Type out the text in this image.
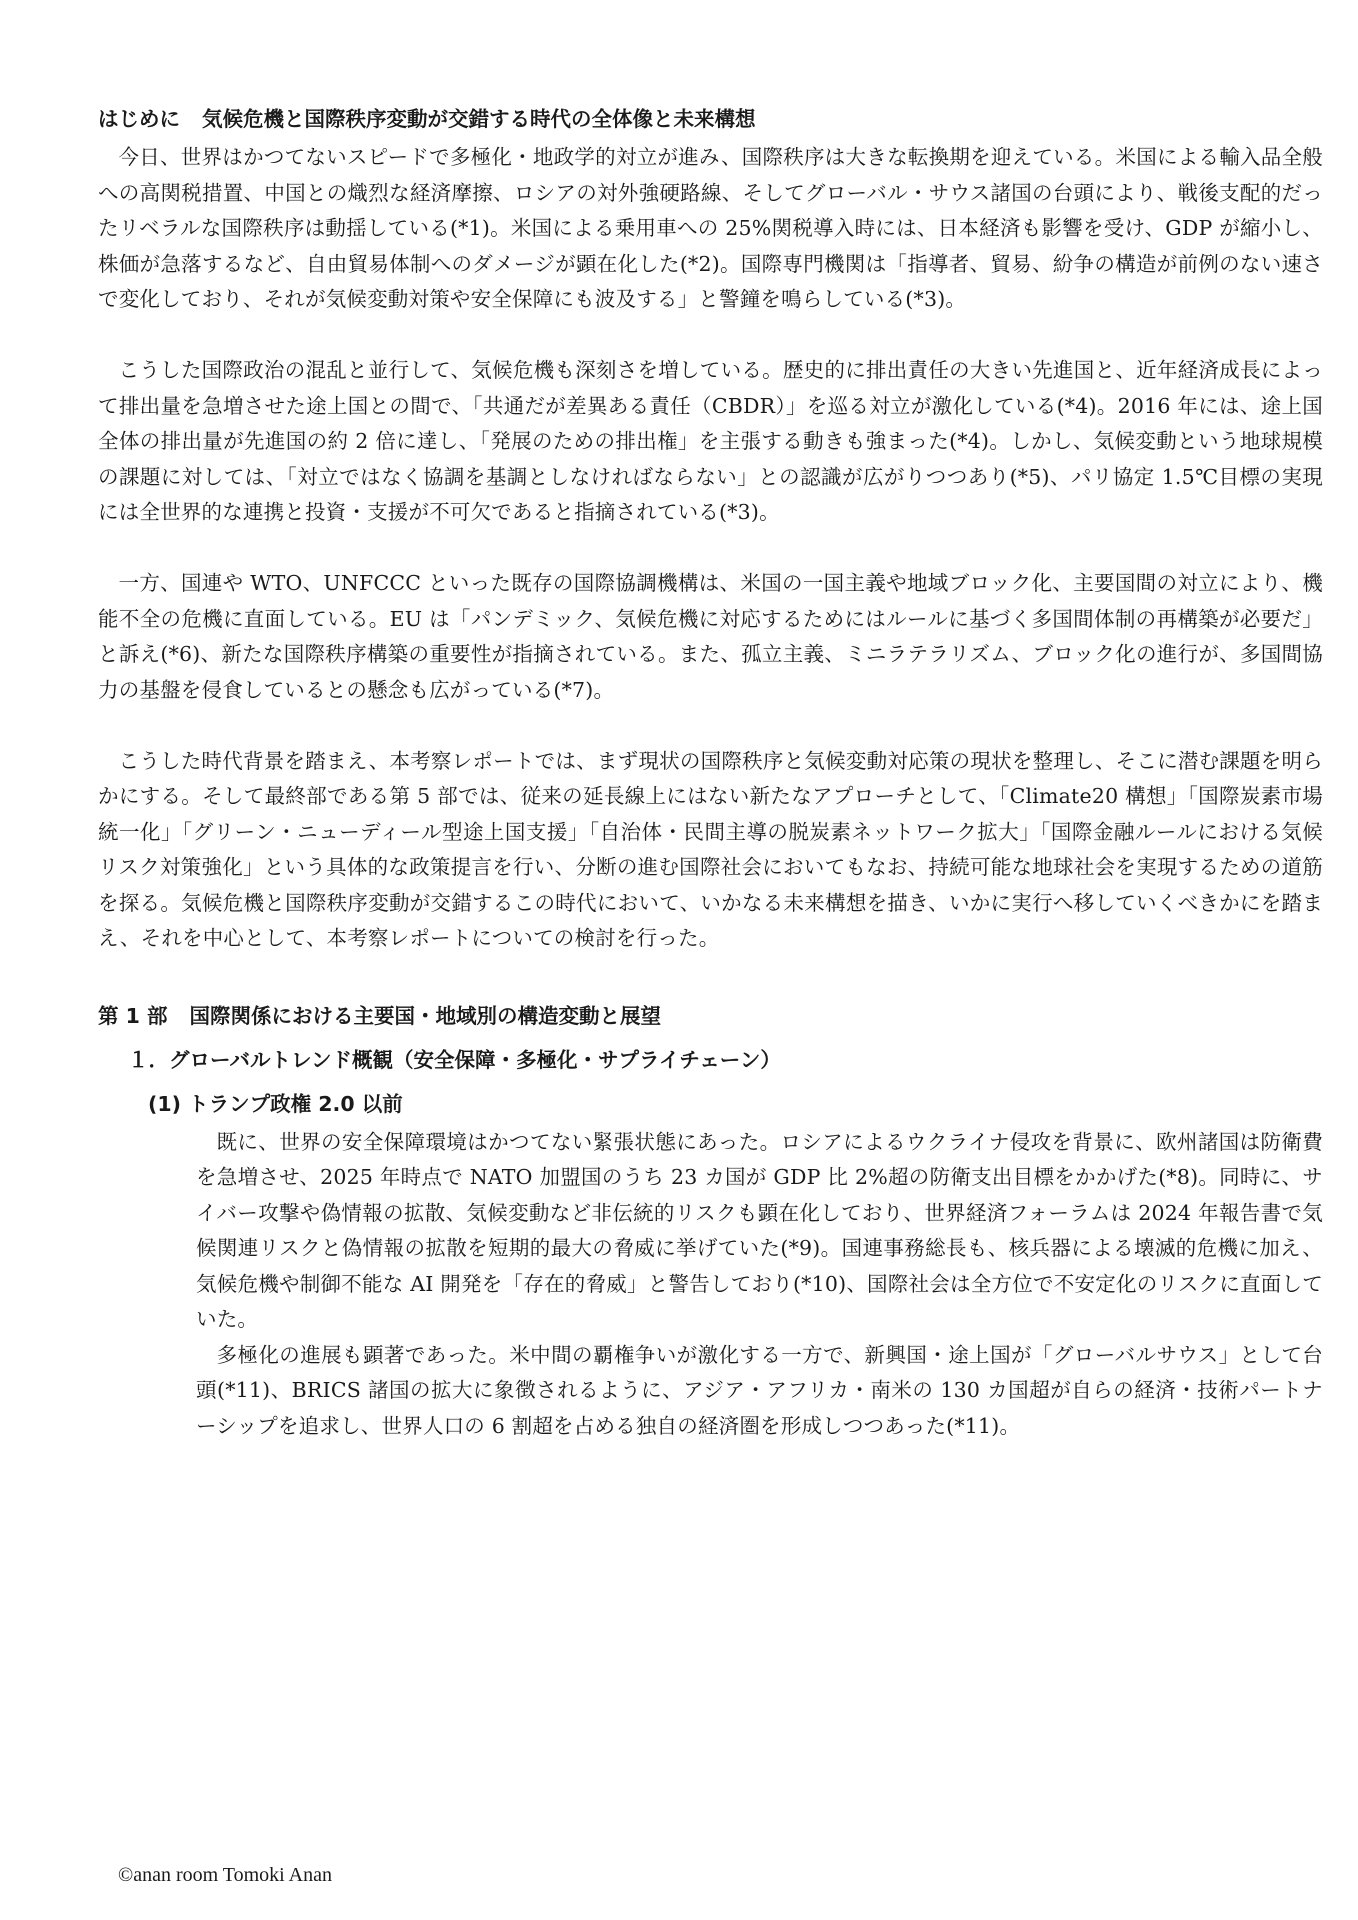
はじめに 気候危機と国際秩序変動が交錯する時代の全体像と未来構想

今日、世界はかつてないスピードで多極化・地政学的対立が進み、国際秩序は大きな転換期を迎えている。米国による輸入品全般への高関税措置、中国との熾烈な経済摩擦、ロシアの対外強硬路線、そしてグローバル・サウス諸国の台頭により、戦後支配的だったリベラルな国際秩序は動揺している(*1)。米国による乗用車への 25%関税導入時には、日本経済も影響を受け、GDP が縮小し、株価が急落するなど、自由貿易体制へのダメージが顕在化した(*2)。国際専門機関は「指導者、貿易、紛争の構造が前例のない速さで変化しており、それが気候変動対策や安全保障にも波及する」と警鐘を鳴らしている(*3)。

こうした国際政治の混乱と並行して、気候危機も深刻さを増している。歴史的に排出責任の大きい先進国と、近年経済成長によって排出量を急増させた途上国との間で、「共通だが差異ある責任（CBDR）」を巡る対立が激化している(*4)。2016 年には、途上国全体の排出量が先進国の約 2 倍に達し、「発展のための排出権」を主張する動きも強まった(*4)。しかし、気候変動という地球規模の課題に対しては、「対立ではなく協調を基調としなければならない」との認識が広がりつつあり(*5)、パリ協定 1.5℃目標の実現には全世界的な連携と投資・支援が不可欠であると指摘されている(*3)。

一方、国連や WTO、UNFCCC といった既存の国際協調機構は、米国の一国主義や地域ブロック化、主要国間の対立により、機能不全の危機に直面している。EU は「パンデミック、気候危機に対応するためにはルールに基づく多国間体制の再構築が必要だ」と訴え(*6)、新たな国際秩序構築の重要性が指摘されている。また、孤立主義、ミニラテラリズム、ブロック化の進行が、多国間協力の基盤を侵食しているとの懸念も広がっている(*7)。

こうした時代背景を踏まえ、本考察レポートでは、まず現状の国際秩序と気候変動対応策の現状を整理し、そこに潜む課題を明らかにする。そして最終部である第 5 部では、従来の延長線上にはない新たなアプローチとして、「Climate20 構想」「国際炭素市場統一化」「グリーン・ニューディール型途上国支援」「自治体・民間主導の脱炭素ネットワーク拡大」「国際金融ルールにおける気候リスク対策強化」という具体的な政策提言を行い、分断の進む国際社会においてもなお、持続可能な地球社会を実現するための道筋を探る。気候危機と国際秩序変動が交錯するこの時代において、いかなる未来構想を描き、いかに実行へ移していくべきかにを踏まえ、それを中心として、本考察レポートについての検討を行った。

第 1 部 国際関係における主要国・地域別の構造変動と展望
１．グローバルトレンド概観（安全保障・多極化・サプライチェーン）
(1) トランプ政権 2.0 以前

既に、世界の安全保障環境はかつてない緊張状態にあった。ロシアによるウクライナ侵攻を背景に、欧州諸国は防衛費を急増させ、2025 年時点で NATO 加盟国のうち 23 カ国が GDP 比 2%超の防衛支出目標をかかげた(*8)。同時に、サイバー攻撃や偽情報の拡散、気候変動など非伝統的リスクも顕在化しており、世界経済フォーラムは 2024 年報告書で気候関連リスクと偽情報の拡散を短期的最大の脅威に挙げていた(*9)。国連事務総長も、核兵器による壊滅的危機に加え、気候危機や制御不能な AI 開発を「存在的脅威」と警告しており(*10)、国際社会は全方位で不安定化のリスクに直面していた。

多極化の進展も顕著であった。米中間の覇権争いが激化する一方で、新興国・途上国が「グローバルサウス」として台頭(*11)、BRICS 諸国の拡大に象徴されるように、アジア・アフリカ・南米の 130 カ国超が自らの経済・技術パートナーシップを追求し、世界人口の 6 割超を占める独自の経済圏を形成しつつあった(*11)。

©anan room Tomoki Anan
